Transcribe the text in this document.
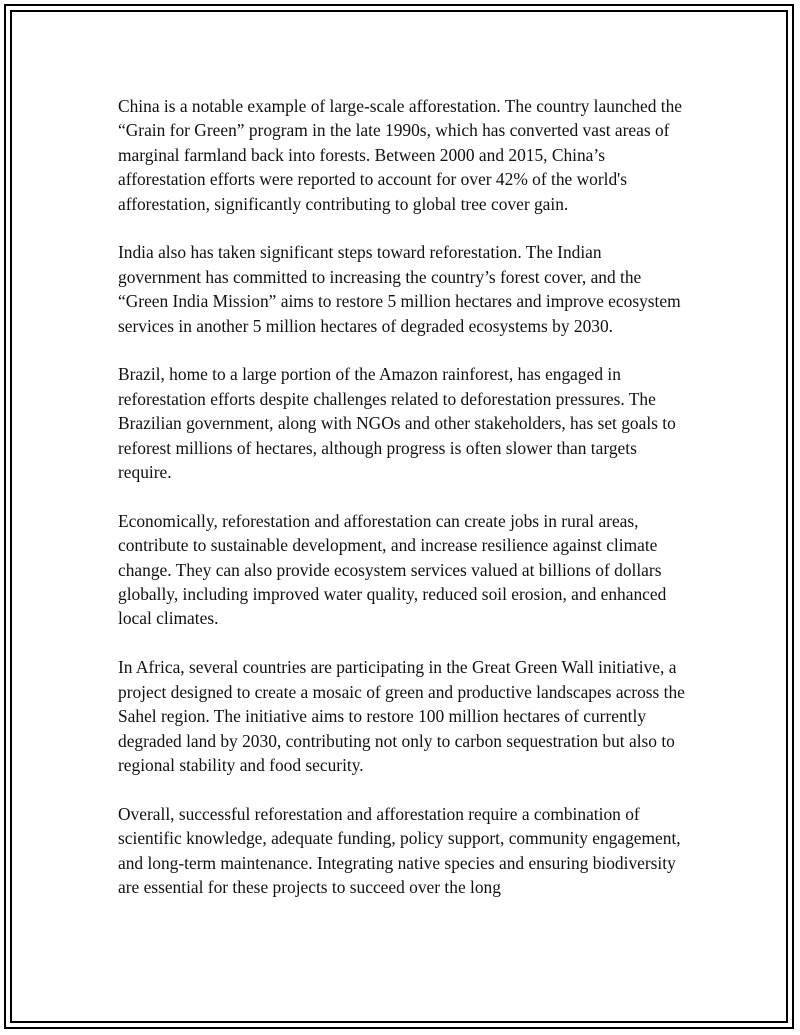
China is a notable example of large-scale afforestation. The country launched the “Grain for Green” program in the late 1990s, which has converted vast areas of marginal farmland back into forests. Between 2000 and 2015, China’s afforestation efforts were reported to account for over 42% of the world's afforestation, significantly contributing to global tree cover gain.

India also has taken significant steps toward reforestation. The Indian government has committed to increasing the country’s forest cover, and the “Green India Mission” aims to restore 5 million hectares and improve ecosystem services in another 5 million hectares of degraded ecosystems by 2030.

Brazil, home to a large portion of the Amazon rainforest, has engaged in reforestation efforts despite challenges related to deforestation pressures. The Brazilian government, along with NGOs and other stakeholders, has set goals to reforest millions of hectares, although progress is often slower than targets require.

Economically, reforestation and afforestation can create jobs in rural areas, contribute to sustainable development, and increase resilience against climate change. They can also provide ecosystem services valued at billions of dollars globally, including improved water quality, reduced soil erosion, and enhanced local climates.

In Africa, several countries are participating in the Great Green Wall initiative, a project designed to create a mosaic of green and productive landscapes across the Sahel region. The initiative aims to restore 100 million hectares of currently degraded land by 2030, contributing not only to carbon sequestration but also to regional stability and food security.

Overall, successful reforestation and afforestation require a combination of scientific knowledge, adequate funding, policy support, community engagement, and long-term maintenance. Integrating native species and ensuring biodiversity are essential for these projects to succeed over the long
